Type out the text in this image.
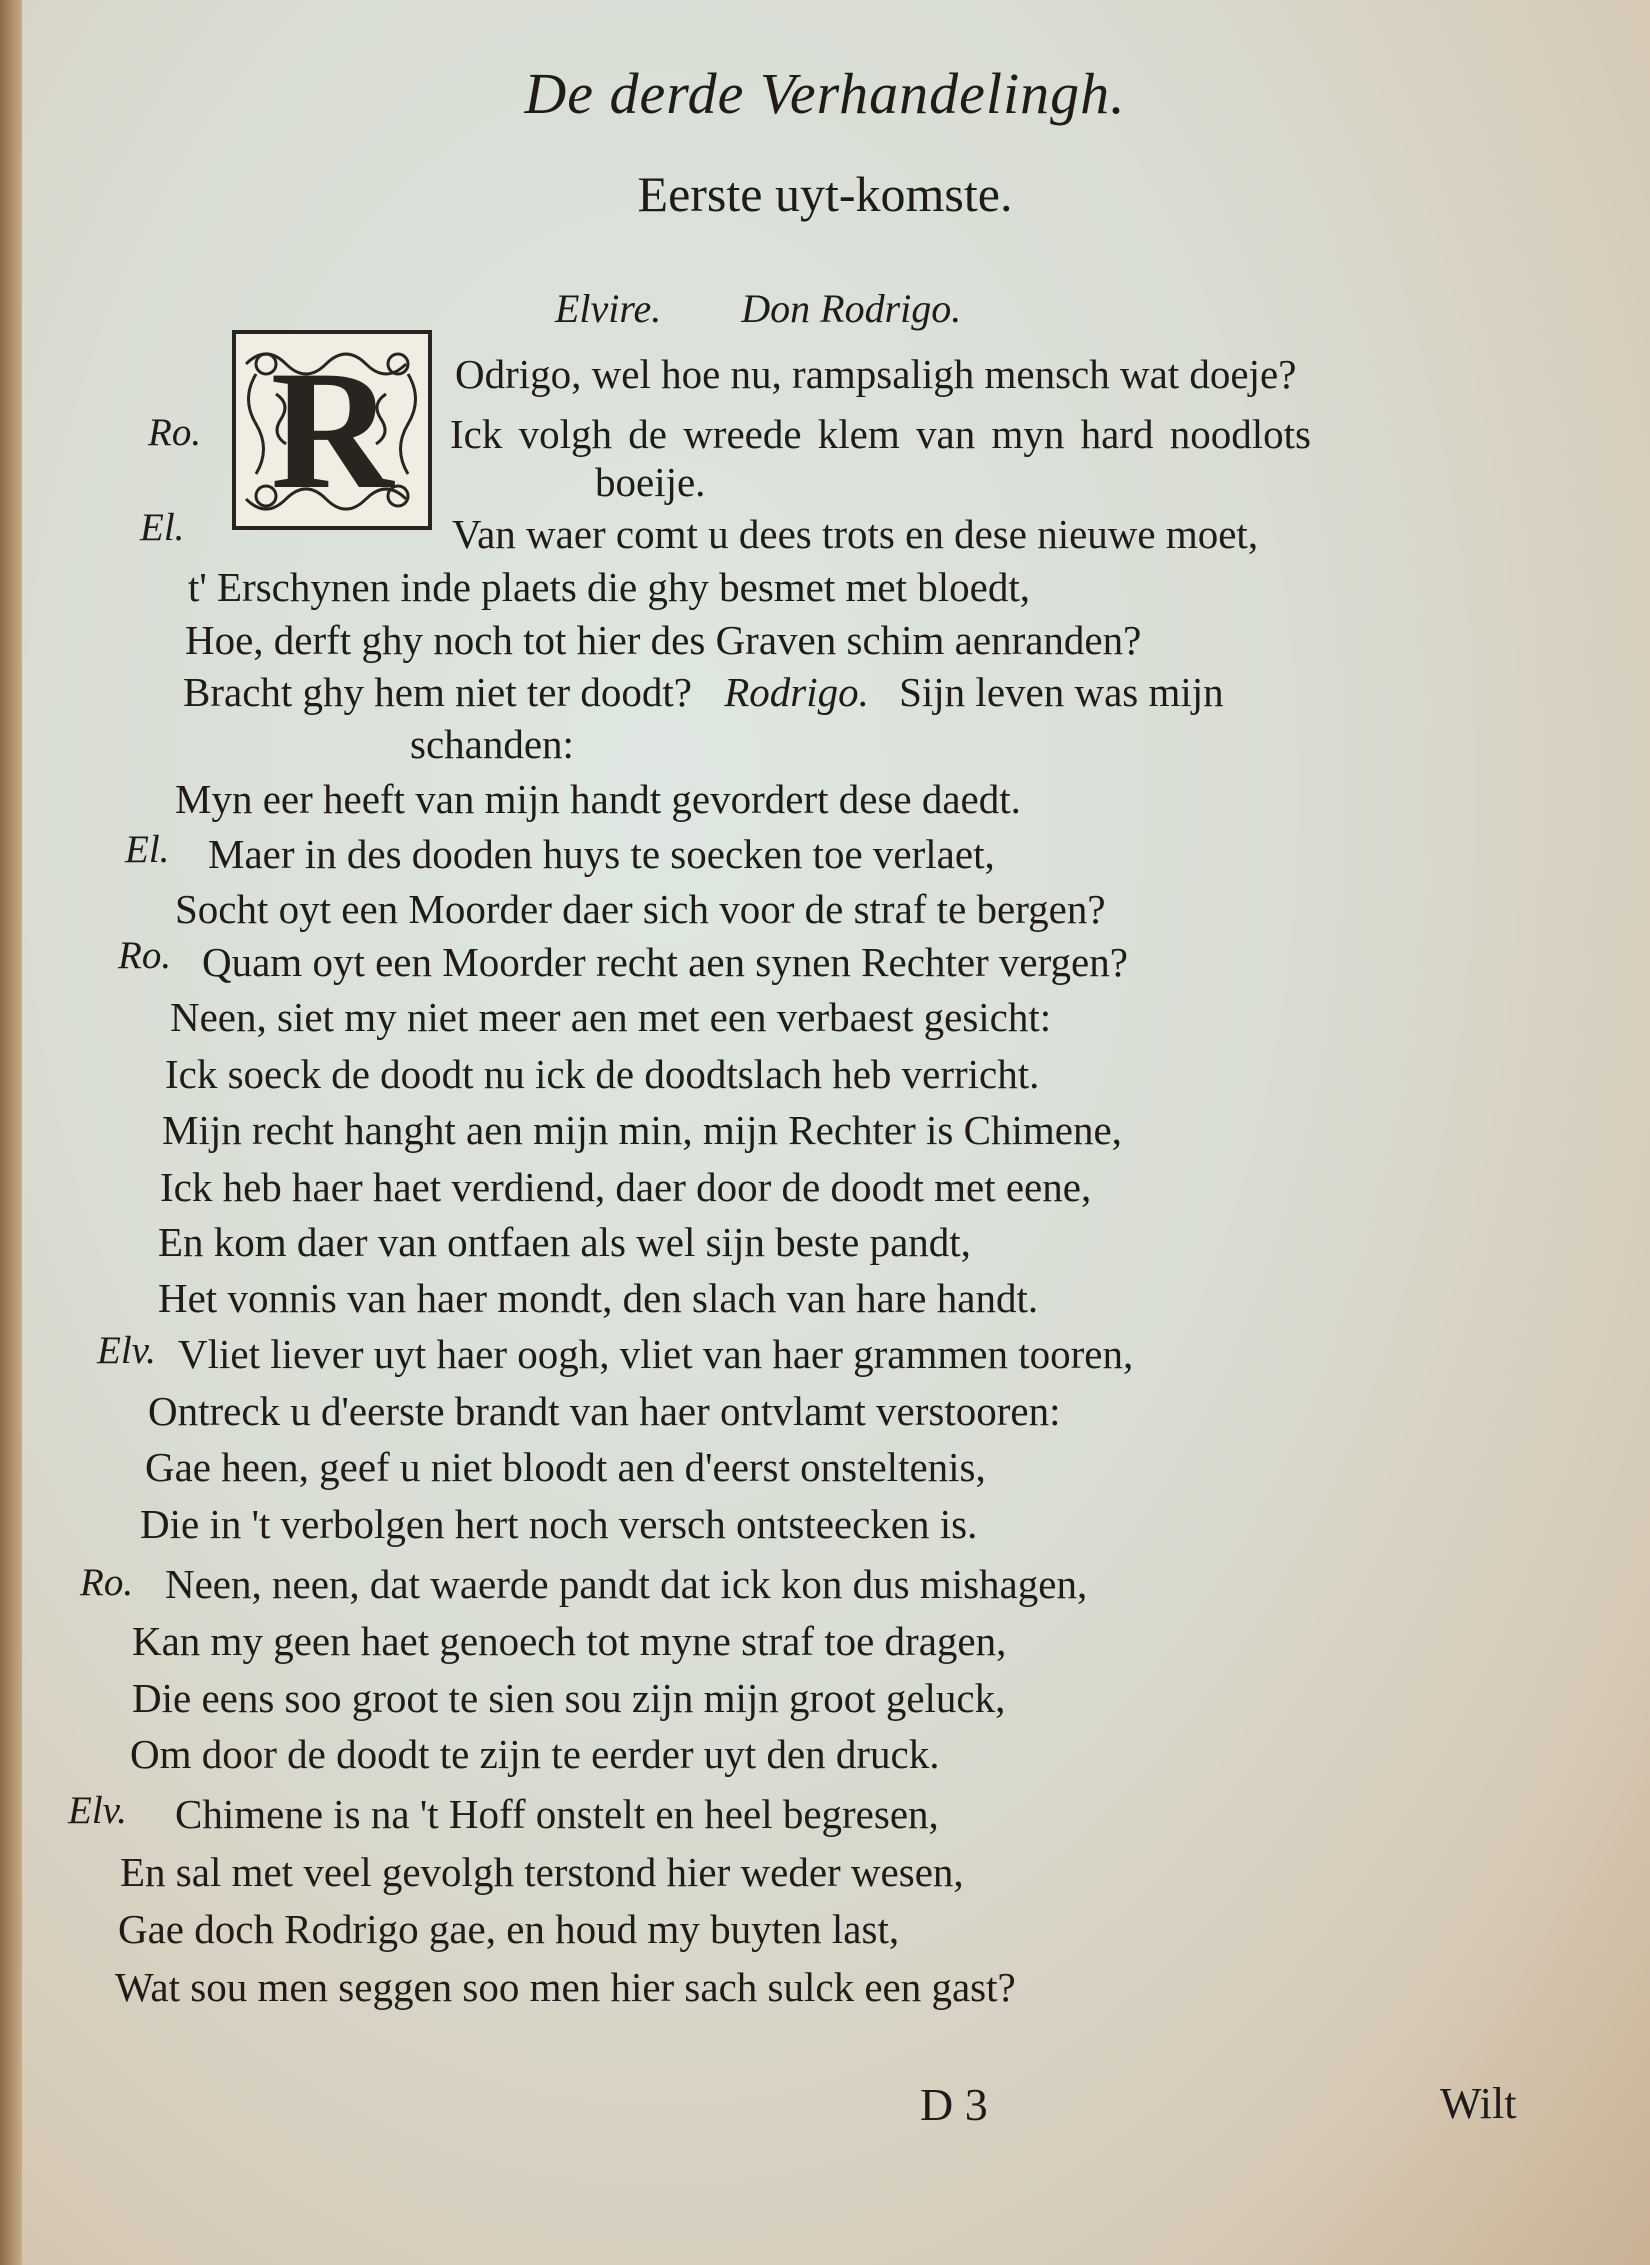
De derde Verhandelingh.
Eerste uyt-komste.
Elvire. Don Rodrigo.
R
Ro.
El.
El.
Ro.
Elv.
Ro.
Elv.
Odrigo, wel hoe nu, rampsaligh mensch wat doeje?
Ick volgh de wreede klem van myn hard noodlots
boeije.
Van waer comt u dees trots en dese nieuwe moet,
t' Erschynen inde plaets die ghy besmet met bloedt,
Hoe, derft ghy noch tot hier des Graven schim aenranden?
Bracht ghy hem niet ter doodt? Rodrigo. Sijn leven was mijn
schanden:
Myn eer heeft van mijn handt gevordert dese daedt.
Maer in des dooden huys te soecken toe verlaet,
Socht oyt een Moorder daer sich voor de straf te bergen?
Quam oyt een Moorder recht aen synen Rechter vergen?
Neen, siet my niet meer aen met een verbaest gesicht:
Ick soeck de doodt nu ick de doodtslach heb verricht.
Mijn recht hanght aen mijn min, mijn Rechter is Chimene,
Ick heb haer haet verdiend, daer door de doodt met eene,
En kom daer van ontfaen als wel sijn beste pandt,
Het vonnis van haer mondt, den slach van hare handt.
Vliet liever uyt haer oogh, vliet van haer grammen tooren,
Ontreck u d'eerste brandt van haer ontvlamt verstooren:
Gae heen, geef u niet bloodt aen d'eerst onsteltenis,
Die in 't verbolgen hert noch versch ontsteecken is.
Neen, neen, dat waerde pandt dat ick kon dus mishagen,
Kan my geen haet genoech tot myne straf toe dragen,
Die eens soo groot te sien sou zijn mijn groot geluck,
Om door de doodt te zijn te eerder uyt den druck.
Chimene is na 't Hoff onstelt en heel begresen,
En sal met veel gevolgh terstond hier weder wesen,
Gae doch Rodrigo gae, en houd my buyten last,
Wat sou men seggen soo men hier sach sulck een gast?
D 3	Wilt
